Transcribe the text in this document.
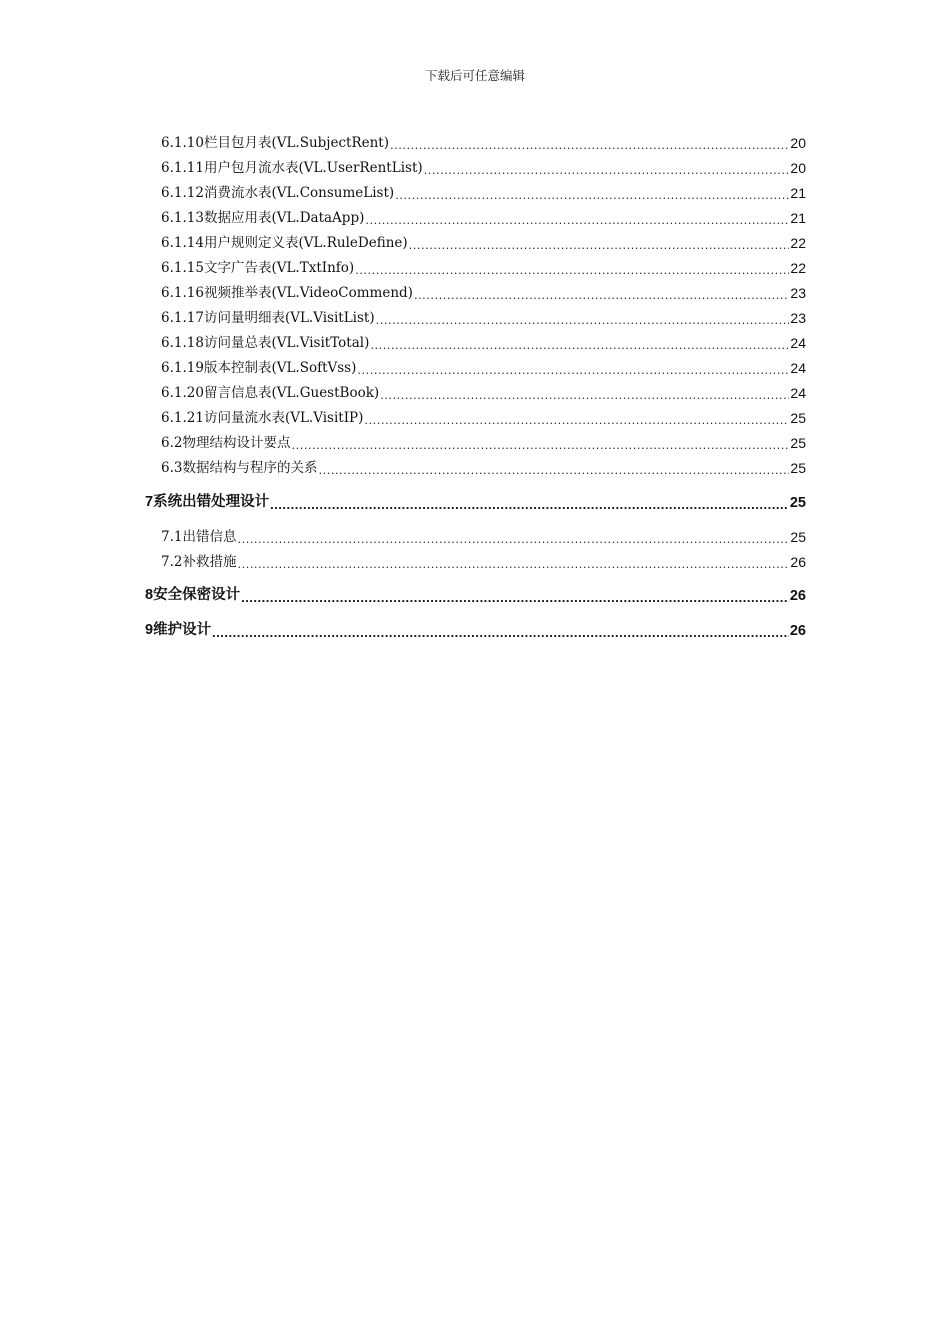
下载后可任意编辑
6.1.10栏目包月表(VL.SubjectRent) .....	20
6.1.11用户包月流水表(VL.UserRentList) .....	20
6.1.12消费流水表(VL.ConsumeList) .....	21
6.1.13数据应用表(VL.DataApp) .....	21
6.1.14用户规则定义表(VL.RuleDefine) .....	22
6.1.15文字广告表(VL.TxtInfo) .....	22
6.1.16视频推举表(VL.VideoCommend) .....	23
6.1.17访问量明细表(VL.VisitList) .....	23
6.1.18访问量总表(VL.VisitTotal) .....	24
6.1.19版本控制表(VL.SoftVss) .....	24
6.1.20留言信息表(VL.GuestBook) .....	24
6.1.21访问量流水表(VL.VisitIP) .....	25
6.2物理结构设计要点 .....	25
6.3数据结构与程序的关系 .....	25
7系统出错处理设计 .....	25
7.1出错信息 .....	25
7.2补救措施 .....	26
8安全保密设计 .....	26
9维护设计 .....	26
